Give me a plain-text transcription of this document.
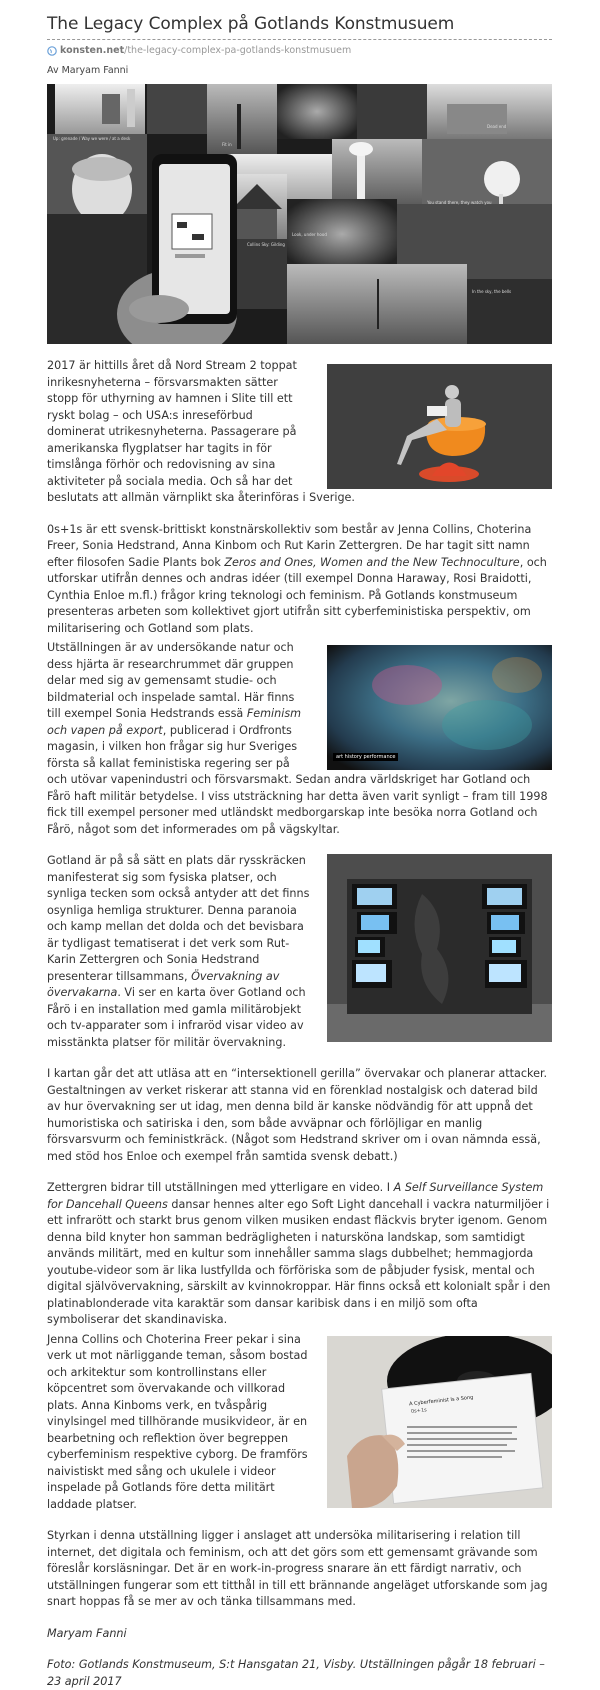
The Legacy Complex på Gotlands Konstmusuem
konsten.net /the-legacy-complex-pa-gotlands-konstmusuem
Av Maryam Fanni
Up: grenade / Way we were / at a desk
Fit in
Dead end
Look, under hood
You stand there, they watch you
Collins Sky: Gilding
In the sky, the bells

2017 är hittills året då Nord Stream 2 toppat inrikesnyheterna – försvarsmakten sätter stopp för uthyrning av hamnen i Slite till ett ryskt bolag – och USA:s inreseförbud dominerat utrikesnyheterna. Passagerare på amerikanska flygplatser har tagits in för timslånga förhör och redovisning av sina aktiviteter på sociala media. Och så har det beslutats att allmän värnplikt ska återinföras i Sverige.

0s+1s är ett svensk-brittiskt konstnärskollektiv som består av Jenna Collins, Choterina Freer, Sonia Hedstrand, Anna Kinbom och Rut Karin Zettergren. De har tagit sitt namn efter filosofen Sadie Plants bok Zeros and Ones, Women and the New Technoculture, och utforskar utifrån dennes och andras idéer (till exempel Donna Haraway, Rosi Braidotti, Cynthia Enloe m.fl.) frågor kring teknologi och feminism. På Gotlands konstmuseum presenteras arbeten som kollektivet gjort utifrån sitt cyberfeministiska perspektiv, om militarisering och Gotland som plats.

art history performance

Utställningen är av undersökande natur och dess hjärta är researchrummet där gruppen delar med sig av gemensamt studie- och bildmaterial och inspelade samtal. Här finns till exempel Sonia Hedstrands essä Feminism och vapen på export, publicerad i Ordfronts magasin, i vilken hon frågar sig hur Sveriges första så kallat feministiska regering ser på och utövar vapenindustri och försvarsmakt. Sedan andra världskriget har Gotland och Fårö haft militär betydelse. I viss utsträckning har detta även varit synligt – fram till 1998 fick till exempel personer med utländskt medborgarskap inte besöka norra Gotland och Fårö, något som det informerades om på vägskyltar.

Gotland är på så sätt en plats där rysskräcken manifesterat sig som fysiska platser, och synliga tecken som också antyder att det finns osynliga hemliga strukturer. Denna paranoia och kamp mellan det dolda och det bevisbara är tydligast tematiserat i det verk som Rut-Karin Zettergren och Sonia Hedstrand presenterar tillsammans, Övervakning av övervakarna. Vi ser en karta över Gotland och Fårö i en installation med gamla militärobjekt och tv-apparater som i infraröd visar video av misstänkta platser för militär övervakning.

I kartan går det att utläsa att en “intersektionell gerilla” övervakar och planerar attacker. Gestaltningen av verket riskerar att stanna vid en förenklad nostalgisk och daterad bild av hur övervakning ser ut idag, men denna bild är kanske nödvändig för att uppnå det humoristiska och satiriska i den, som både avväpnar och förlöjligar en manlig försvarsvurm och feministkräck. (Något som Hedstrand skriver om i ovan nämnda essä, med stöd hos Enloe och exempel från samtida svensk debatt.)

Zettergren bidrar till utställningen med ytterligare en video. I A Self Surveillance System for Dancehall Queens dansar hennes alter ego Soft Light dancehall i vackra naturmiljöer i ett infrarött och starkt brus genom vilken musiken endast fläckvis bryter igenom. Genom denna bild knyter hon samman bedrägligheten i natursköna landskap, som samtidigt används militärt, med en kultur som innehåller samma slags dubbelhet; hemmagjorda youtube-videor som är lika lustfyllda och förföriska som de påbjuder fysisk, mental och digital självövervakning, särskilt av kvinnokroppar. Här finns också ett kolonialt spår i den platinablonderade vita karaktär som dansar karibisk dans i en miljö som ofta symboliserar det skandinaviska.

A Cyberfeminist Is a Song
0s+1s

Jenna Collins och Choterina Freer pekar i sina verk ut mot närliggande teman, såsom bostad och arkitektur som kontrollinstans eller köpcentret som övervakande och villkorad plats. Anna Kinboms verk, en tvåspårig vinylsingel med tillhörande musikvideor, är en bearbetning och reflektion över begreppen cyberfeminism respektive cyborg. De framförs naivistiskt med sång och ukulele i videor inspelade på Gotlands före detta militärt laddade platser.

Styrkan i denna utställning ligger i anslaget att undersöka militarisering i relation till internet, det digitala och feminism, och att det görs som ett gemensamt grävande som föreslår korsläsningar. Det är en work-in-progress snarare än ett färdigt narrativ, och utställningen fungerar som ett titthål in till ett brännande angeläget utforskande som jag snart hoppas få se mer av och tänka tillsammans med.

Maryam Fanni

Foto: Gotlands Konstmuseum, S:t Hansgatan 21, Visby. Utställningen pågår 18 februari – 23 april 2017
